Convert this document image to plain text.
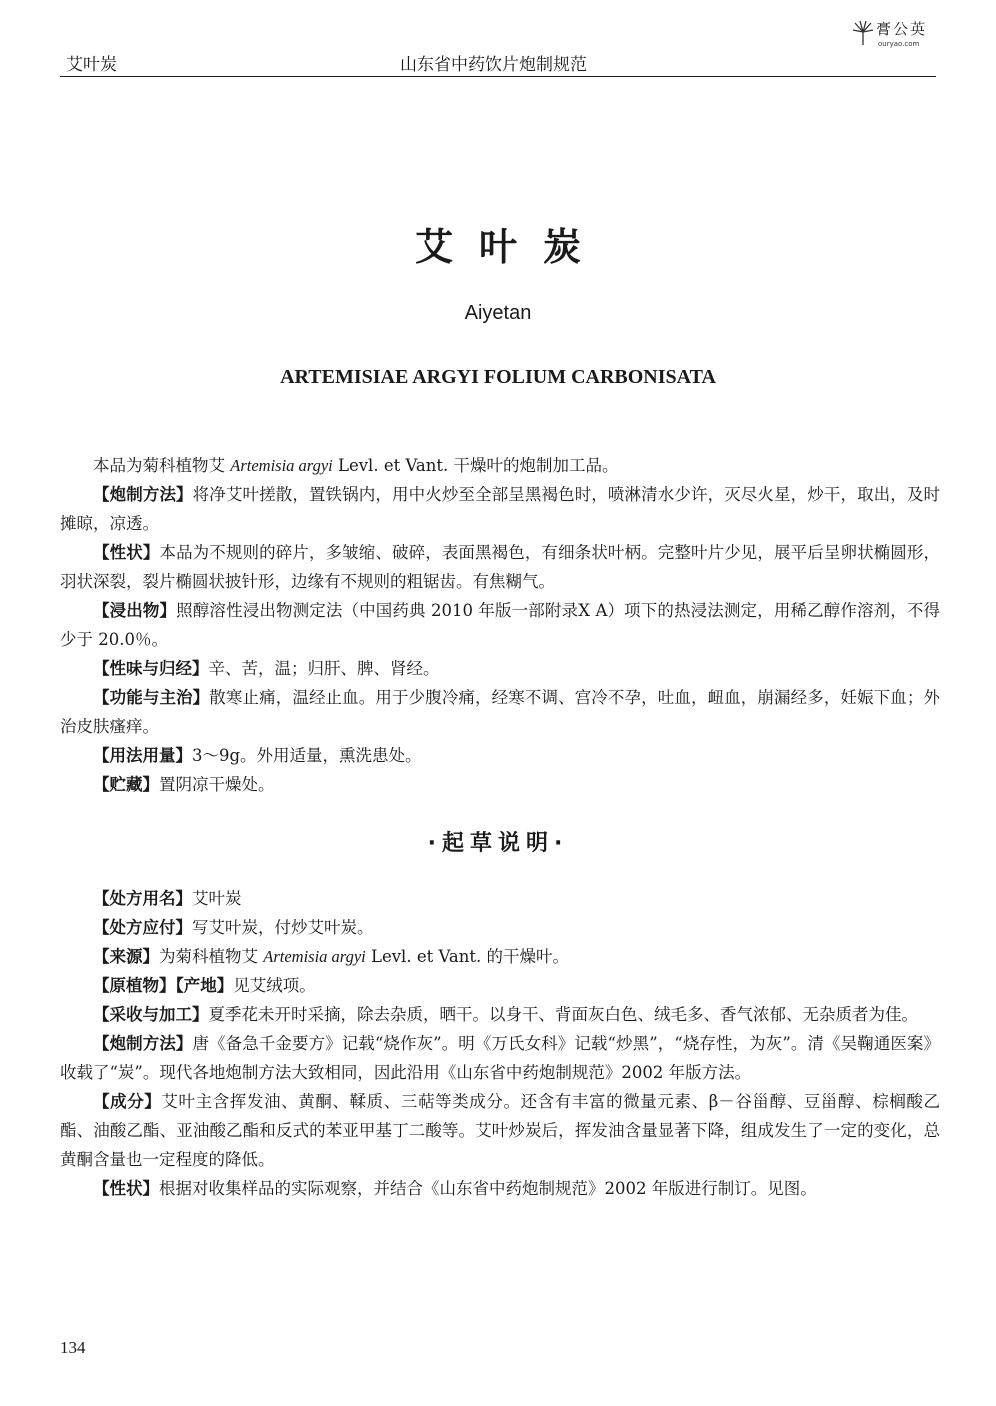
艾叶炭	山东省中药饮片炮制规范
膏公英
ouryao.com
艾叶炭
Aiyetan
ARTEMISIAE ARGYI FOLIUM CARBONISATA

本品为菊科植物艾 Artemisia argyi Levl. et Vant. 干燥叶的炮制加工品。

【炮制方法】将净艾叶搓散，置铁锅内，用中火炒至全部呈黑褐色时，喷淋清水少许，灭尽火星，炒干，取出，及时摊晾，凉透。

【性状】本品为不规则的碎片，多皱缩、破碎，表面黑褐色，有细条状叶柄。完整叶片少见，展平后呈卵状椭圆形，羽状深裂，裂片椭圆状披针形，边缘有不规则的粗锯齿。有焦糊气。

【浸出物】照醇溶性浸出物测定法（中国药典 2010 年版一部附录Ⅹ A）项下的热浸法测定，用稀乙醇作溶剂，不得少于 20.0％。

【性味与归经】辛、苦，温；归肝、脾、肾经。

【功能与主治】散寒止痛，温经止血。用于少腹冷痛，经寒不调、宫冷不孕，吐血，衄血，崩漏经多，妊娠下血；外治皮肤瘙痒。

【用法用量】3～9g。外用适量，熏洗患处。

【贮藏】置阴凉干燥处。

·起草说明·

【处方用名】艾叶炭

【处方应付】写艾叶炭，付炒艾叶炭。

【来源】为菊科植物艾 Artemisia argyi Levl. et Vant. 的干燥叶。

【原植物】【产地】见艾绒项。

【采收与加工】夏季花未开时采摘，除去杂质，晒干。以身干、背面灰白色、绒毛多、香气浓郁、无杂质者为佳。

【炮制方法】唐《备急千金要方》记载“烧作灰”。明《万氏女科》记载“炒黑”，“烧存性，为灰”。清《吴鞠通医案》收载了“炭”。现代各地炮制方法大致相同，因此沿用《山东省中药炮制规范》2002 年版方法。

【成分】艾叶主含挥发油、黄酮、鞣质、三萜等类成分。还含有丰富的微量元素、β－谷甾醇、豆甾醇、棕榈酸乙酯、油酸乙酯、亚油酸乙酯和反式的苯亚甲基丁二酸等。艾叶炒炭后，挥发油含量显著下降，组成发生了一定的变化，总黄酮含量也一定程度的降低。

【性状】根据对收集样品的实际观察，并结合《山东省中药炮制规范》2002 年版进行制订。见图。

134
